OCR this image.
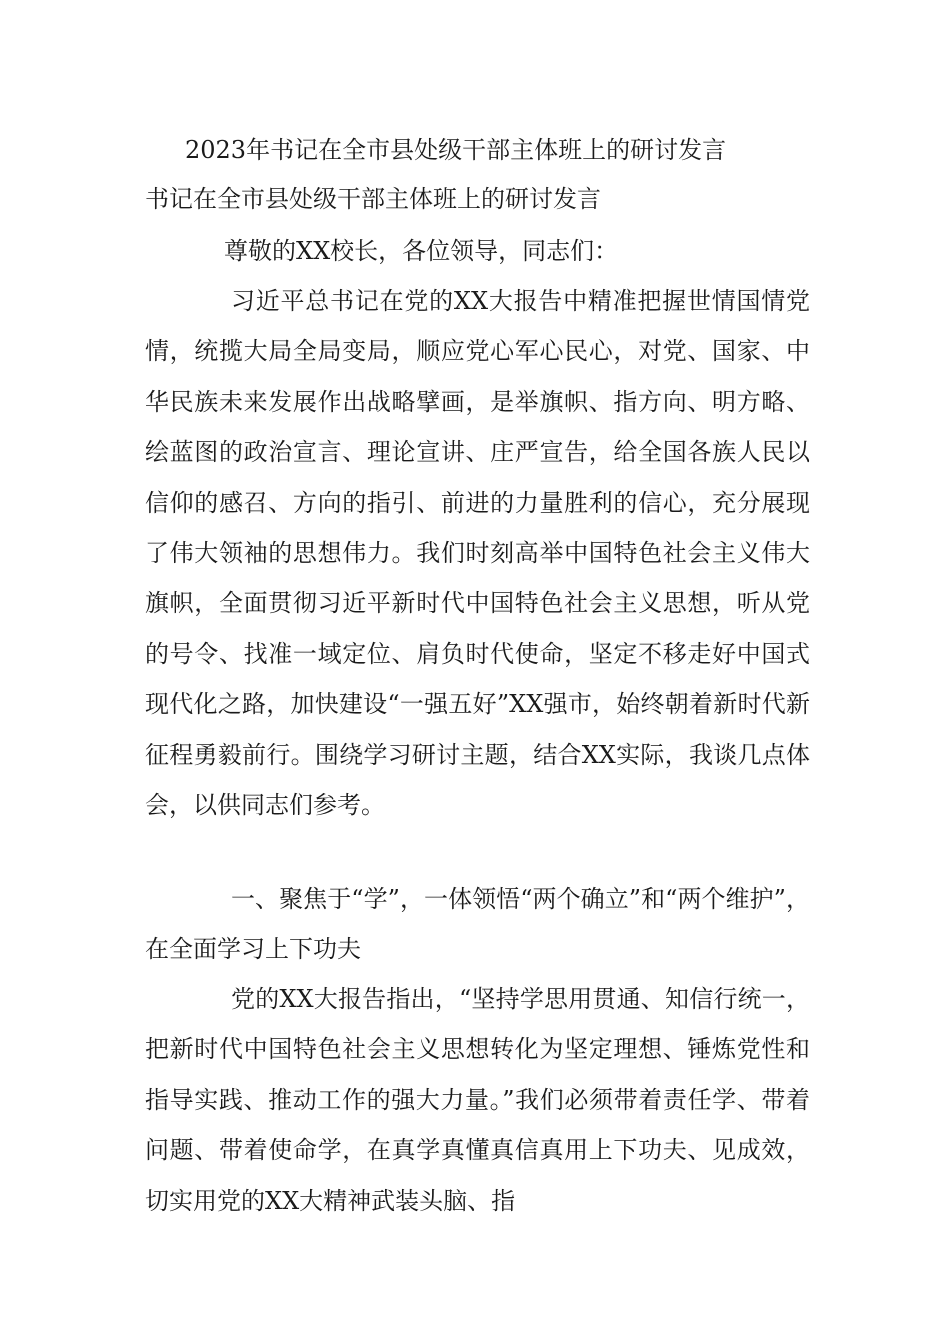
2023年书记在全市县处级干部主体班上的研讨发言
书记在全市县处级干部主体班上的研讨发言

尊敬的XX校长，各位领导，同志们：

习近平总书记在党的XX大报告中精准把握世情国情党情，统揽大局全局变局，顺应党心军心民心，对党、国家、中华民族未来发展作出战略擘画，是举旗帜、指方向、明方略、绘蓝图的政治宣言、理论宣讲、庄严宣告，给全国各族人民以信仰的感召、方向的指引、前进的力量胜利的信心，充分展现了伟大领袖的思想伟力。我们时刻高举中国特色社会主义伟大旗帜，全面贯彻习近平新时代中国特色社会主义思想，听从党的号令、找准一域定位、肩负时代使命，坚定不移走好中国式现代化之路，加快建设“一强五好”XX强市，始终朝着新时代新征程勇毅前行。围绕学习研讨主题，结合XX实际，我谈几点体会，以供同志们参考。

一、聚焦于“学”，一体领悟“两个确立”和“两个维护”，在全面学习上下功夫

党的XX大报告指出，“坚持学思用贯通、知信行统一，把新时代中国特色社会主义思想转化为坚定理想、锤炼党性和指导实践、推动工作的强大力量。”我们必须带着责任学、带着问题、带着使命学，在真学真懂真信真用上下功夫、见成效，切实用党的XX大精神武装头脑、指
